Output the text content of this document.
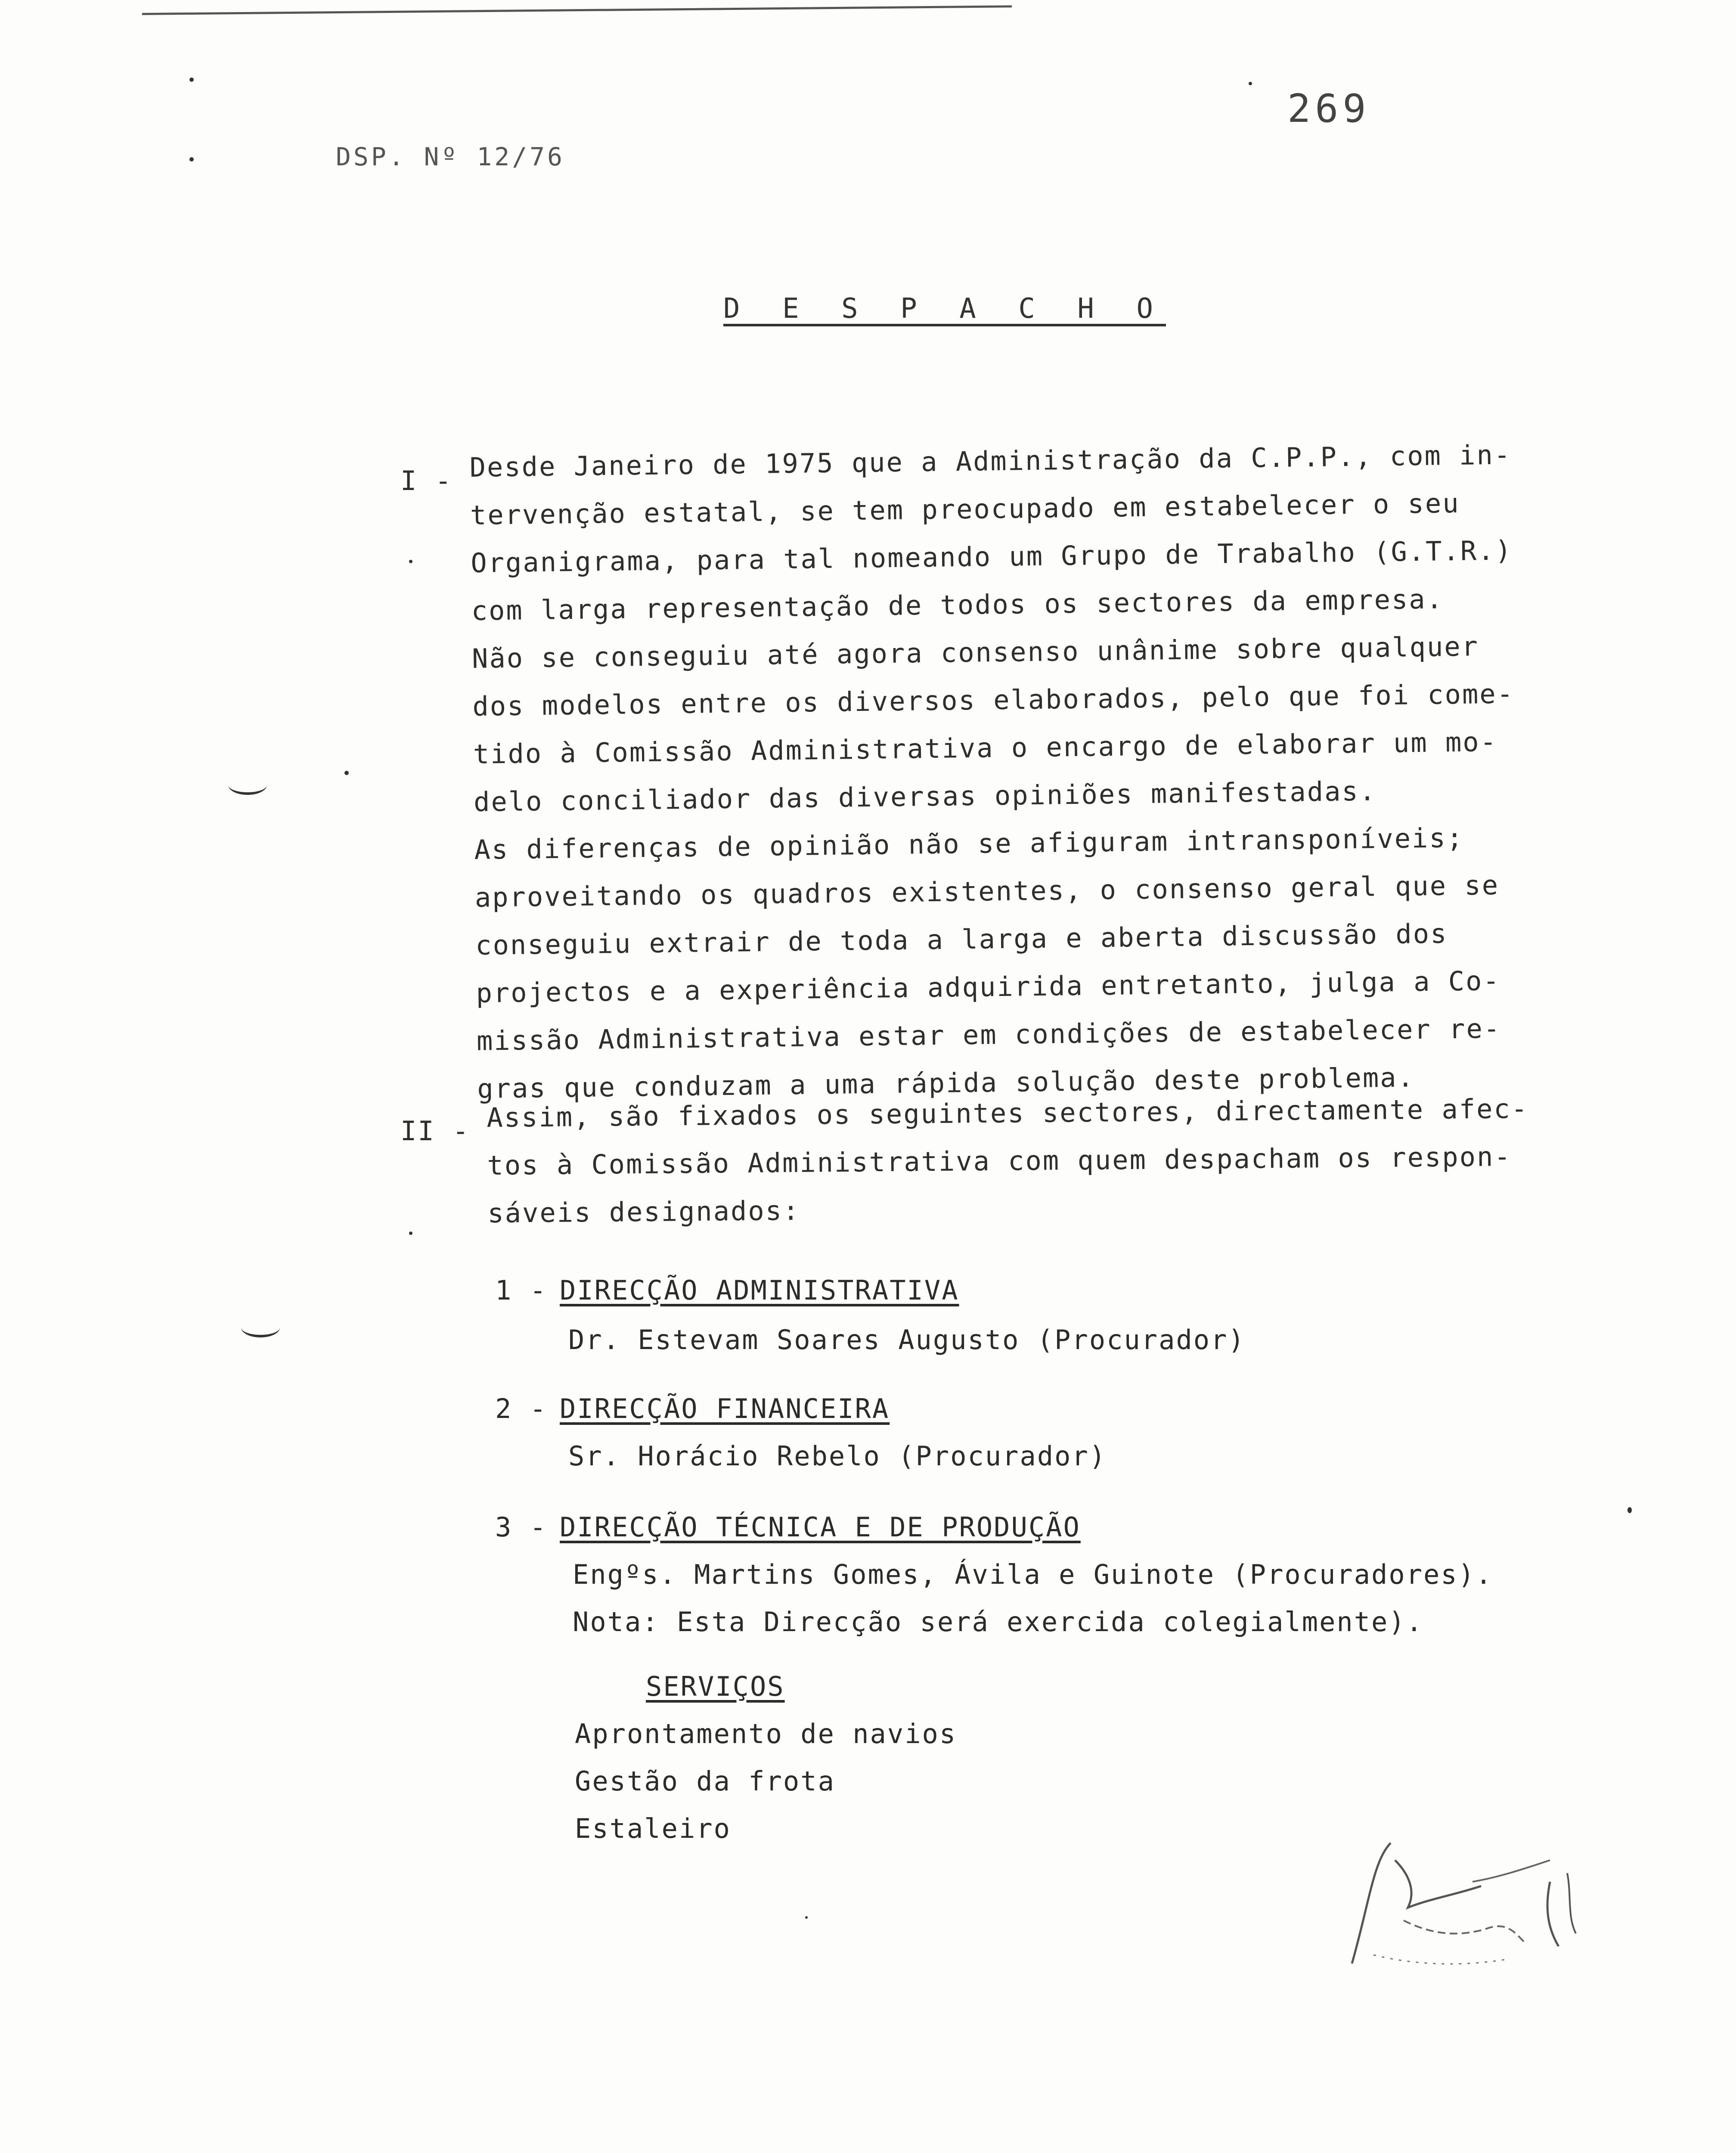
DSP. Nº 12/76
269
D E S P A C H O
I - Desde Janeiro de 1975 que a Administração da C.P.P., com in-
tervenção estatal, se tem preocupado em estabelecer o seu
Organigrama, para tal nomeando um Grupo de Trabalho (G.T.R.)
com larga representação de todos os sectores da empresa.
Não se conseguiu até agora consenso unânime sobre qualquer
dos modelos entre os diversos elaborados, pelo que foi come-
tido à Comissão Administrativa o encargo de elaborar um mo-
delo conciliador das diversas opiniões manifestadas.
As diferenças de opinião não se afiguram intransponíveis;
aproveitando os quadros existentes, o consenso geral que se
conseguiu extrair de toda a larga e aberta discussão dos
projectos e a experiência adquirida entretanto, julga a Co-
missão Administrativa estar em condições de estabelecer re-
gras que conduzam a uma rápida solução deste problema.
II - Assim, são fixados os seguintes sectores, directamente afec-
tos à Comissão Administrativa com quem despacham os respon-
sáveis designados:
1 - DIRECÇÃO ADMINISTRATIVA
Dr. Estevam Soares Augusto (Procurador)
2 - DIRECÇÃO FINANCEIRA
Sr. Horácio Rebelo (Procurador)
3 - DIRECÇÃO TÉCNICA E DE PRODUÇÃO
Engºs. Martins Gomes, Ávila e Guinote (Procuradores).
Nota: Esta Direcção será exercida colegialmente).
SERVIÇOS
Aprontamento de navios
Gestão da frota
Estaleiro
